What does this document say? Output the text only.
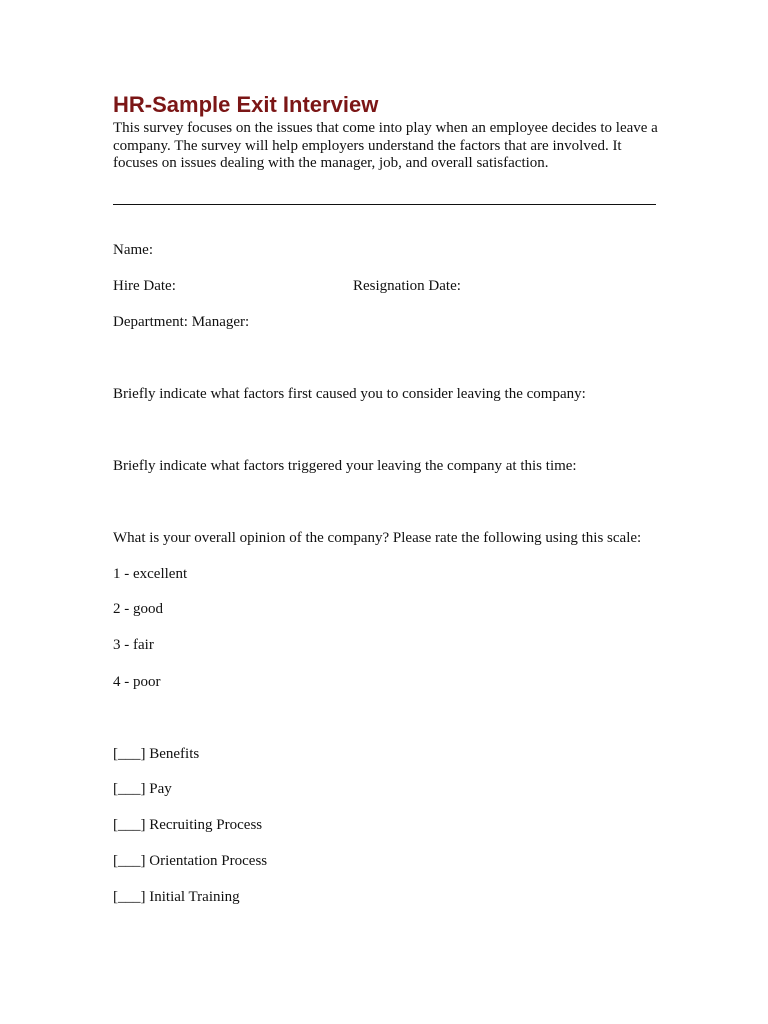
HR-Sample Exit Interview

This survey focuses on the issues that come into play when an employee decides to leave a company. The survey will help employers understand the factors that are involved. It focuses on issues dealing with the manager, job, and overall satisfaction.

Name:

Hire Date:	Resignation Date:

Department: Manager:

Briefly indicate what factors first caused you to consider leaving the company:

Briefly indicate what factors triggered your leaving the company at this time:

What is your overall opinion of the company? Please rate the following using this scale:

1 - excellent

2 - good

3 - fair

4 - poor

[___] Benefits

[___] Pay

[___] Recruiting Process

[___] Orientation Process

[___] Initial Training
